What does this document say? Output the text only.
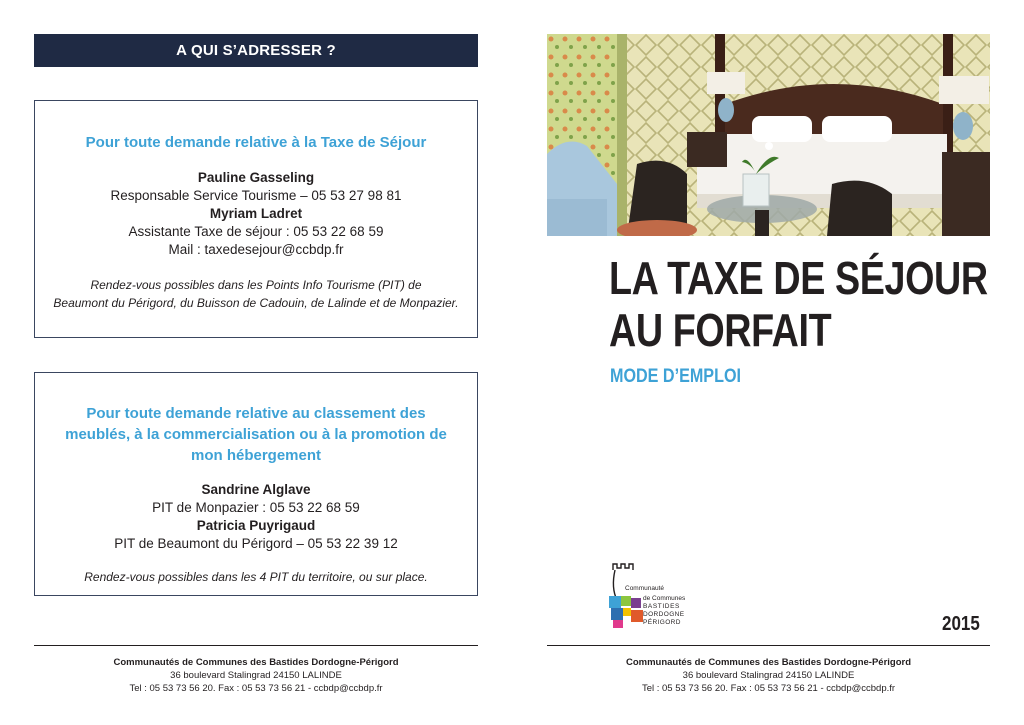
A QUI S’ADRESSER ?
Pour toute demande relative à la Taxe de Séjour
Pauline Gasseling
Responsable Service Tourisme – 05 53 27 98 81
Myriam Ladret
Assistante Taxe de séjour : 05 53 22 68 59
Mail : taxedesejour@ccbdp.fr
Rendez-vous possibles dans les Points Info Tourisme (PIT) de
Beaumont du Périgord, du Buisson de Cadouin, de Lalinde et de Monpazier.
Pour toute demande relative au classement des meublés, à la commercialisation ou à la promotion de mon hébergement
Sandrine Alglave
PIT de Monpazier : 05 53 22 68 59
Patricia Puyrigaud
PIT de Beaumont du Périgord – 05 53 22 39 12
Rendez-vous possibles dans les 4 PIT du territoire, ou sur place.
Communautés de Communes des Bastides Dordogne-Périgord
36 boulevard Stalingrad 24150 LALINDE
Tel : 05 53 73 56 20. Fax : 05 53 73 56 21 - ccbdp@ccbdp.fr
LA TAXE DE SÉJOUR
AU FORFAIT
MODE D’EMPLOI
Communauté
de Communes
BASTIDES
DORDOGNE
PÉRIGORD	2015
Communautés de Communes des Bastides Dordogne-Périgord
36 boulevard Stalingrad 24150 LALINDE
Tel : 05 53 73 56 20. Fax : 05 53 73 56 21 - ccbdp@ccbdp.fr
